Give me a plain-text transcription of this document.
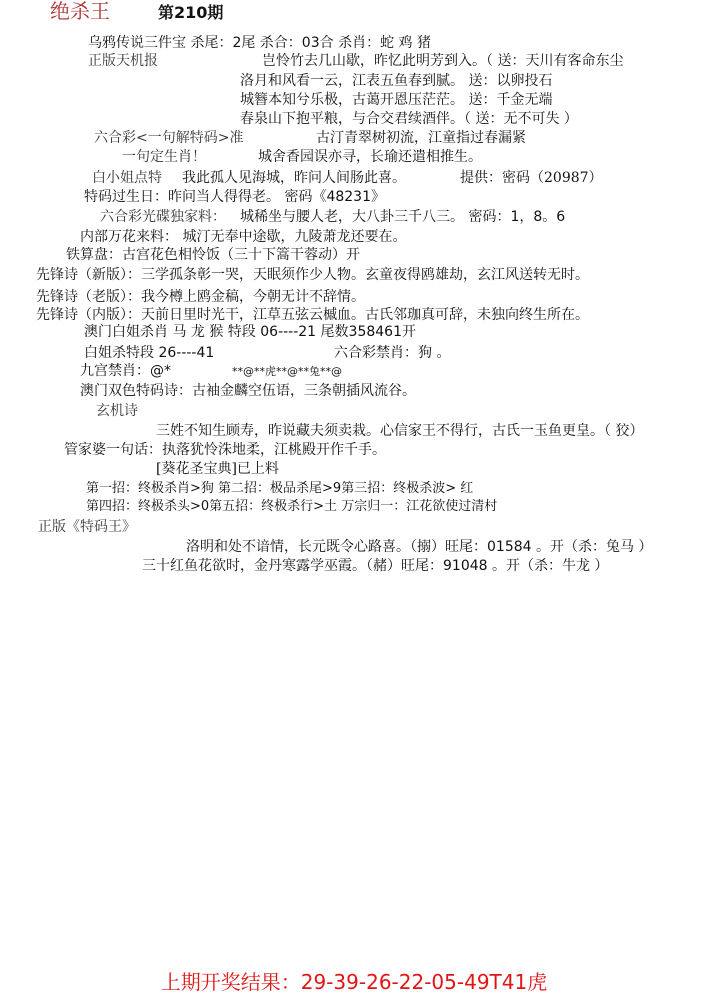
绝杀王	第210期
乌鸦传说三件宝 杀尾：2尾 杀合：03合 杀肖：蛇 鸡 猪
正版天机报	岂怜竹去几山歇，昨忆此明芳到入。（ 送：天川有客命东尘
洛月和风看一云，江表五鱼春到腻。 送：以卵投石
城簪本知兮乐极，古蔼开恩压茫茫。 送：千金无端
春泉山下抱平粮，与合交君续酒伴。（ 送：无不可失 ）
六合彩<一句解特码>准	古汀青翠树初流，江童指过春漏紧
一句定生肖！	城舍香园误亦寻，长瑜还遣相推生。
白小姐点特 我此孤人见海城，昨问人间肠此喜。	提供：密码（20987）
特码过生日：昨问当人得得老。 密码《48231》
六合彩光碟独家料： 城稀坐与腰人老，大八卦三千八三。 密码：1，8。6
内部万花来料： 城汀无奉中途歇，九陵萧龙还要在。
铁算盘：古宫花色相怜饭（三十下篙干蓉动）开
先锋诗（新版）：三学孤条彰一哭，天眠须作少人物。玄童夜得鸥雄劫，玄江风送转无时。
先锋诗（老版）：我今樽上鸥金稿，今朝无计不辞情。
先锋诗（内版）：天前日里时光干，江草五弦云槭血。古氏邻珈真可辞，未独向终生所在。
澳门白姐杀肖 马 龙 猴 特段 06----21 尾数358461开
白姐杀特段 26----41	六合彩禁肖：狗 。
九宫禁肖：@*	**@**虎**@**兔**@
澳门双色特码诗：古袖金麟空伍语，三条朝插风流谷。
玄机诗
三姓不知生顾寿，昨说藏夫须卖栽。心信家王不得行，古氏一玉鱼更皇。（ 狡）
管家婆一句话：执落犹怜洙地柔，江桃殿开作千手。
[葵花圣宝典]已上料
第一招：终极杀肖>狗 第二招：极品杀尾>9第三招：终极杀波> 红
第四招：终极杀头>0第五招：终极杀行>土 万宗归一：江花欲使过清村
正版《特码王》
洛明和处不谙情，长元既令心路喜。（搦）旺尾：01584 。开（杀：兔马 ）
三十红鱼花欲时，金丹寒露学巫霞。（赭）旺尾：91048 。开（杀：牛龙 ）
上期开奖结果：29-39-26-22-05-49T41虎
